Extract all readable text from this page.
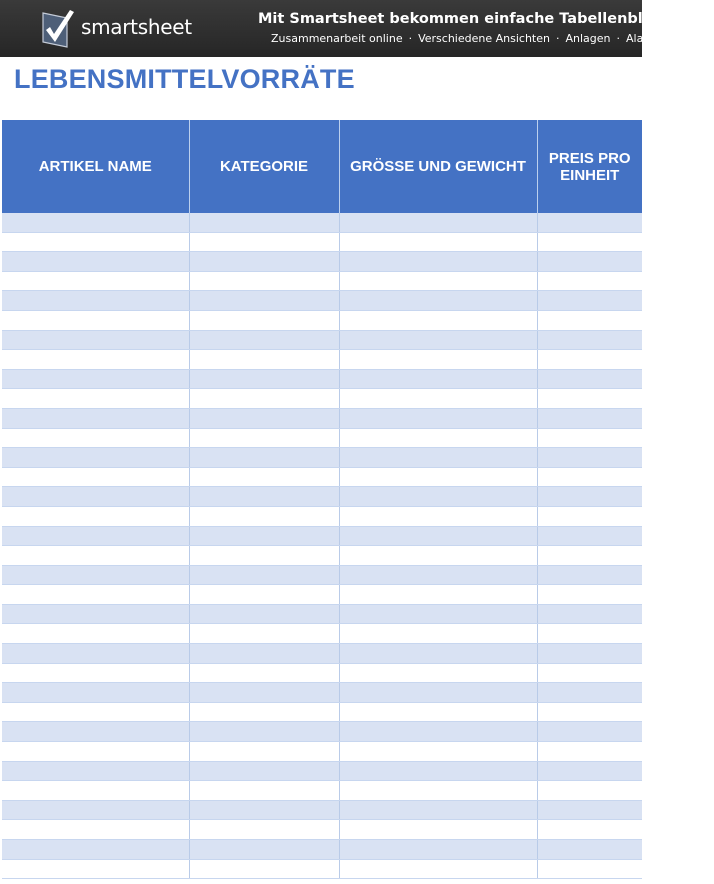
smartsheet	Mit Smartsheet bekommen einfache Tabellenblätter ein
Zusammenarbeit online · Verschiedene Ansichten · Anlagen · Alar
LEBENSMITTELVORRÄTE
ARTIKEL NAME	KATEGORIE	GRÖSSE UND GEWICHT	PREIS PRO EINHEIT
